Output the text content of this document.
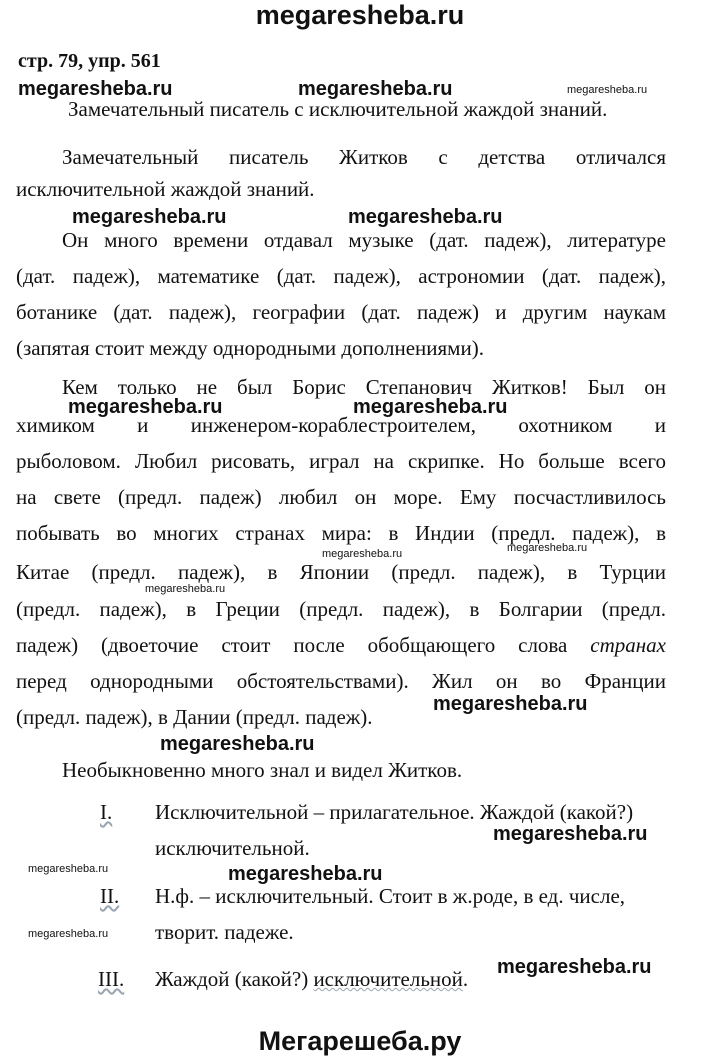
megaresheba.ru
Мегарешеба.ру
стр. 79, упр. 561
megaresheba.ru	megaresheba.ru	megaresheba.ru
megaresheba.ru	megaresheba.ru
megaresheba.ru	megaresheba.ru
megaresheba.ru	megaresheba.ru
megaresheba.ru
megaresheba.ru
megaresheba.ru
megaresheba.ru
megaresheba.ru	megaresheba.ru
megaresheba.ru
megaresheba.ru
Замечательный писатель с исключительной жаждой знаний.
Замечательный писатель Житков с детства отличался
исключительной жаждой знаний.
Он много времени отдавал музыке (дат. падеж), литературе
(дат. падеж), математике (дат. падеж), астрономии (дат. падеж),
ботанике (дат. падеж), географии (дат. падеж) и другим наукам
(запятая стоит между однородными дополнениями).
Кем только не был Борис Степанович Житков! Был он
химиком и инженером-кораблестроителем, охотником и
рыболовом. Любил рисовать, играл на скрипке. Но больше всего
на свете (предл. падеж) любил он море. Ему посчастливилось
побывать во многих странах мира: в Индии (предл. падеж), в
Китае (предл. падеж), в Японии (предл. падеж), в Турции
(предл. падеж), в Греции (предл. падеж), в Болгарии (предл.
падеж) (двоеточие стоит после обобщающего слова странах
перед однородными обстоятельствами). Жил он во Франции
(предл. падеж), в Дании (предл. падеж).
Необыкновенно много знал и видел Житков.
I. Исключительной – прилагательное. Жаждой (какой?)
исключительной.
II. Н.ф. – исключительный. Стоит в ж.роде, в ед. числе,
творит. падеже.
III. Жаждой (какой?) исключительной.
